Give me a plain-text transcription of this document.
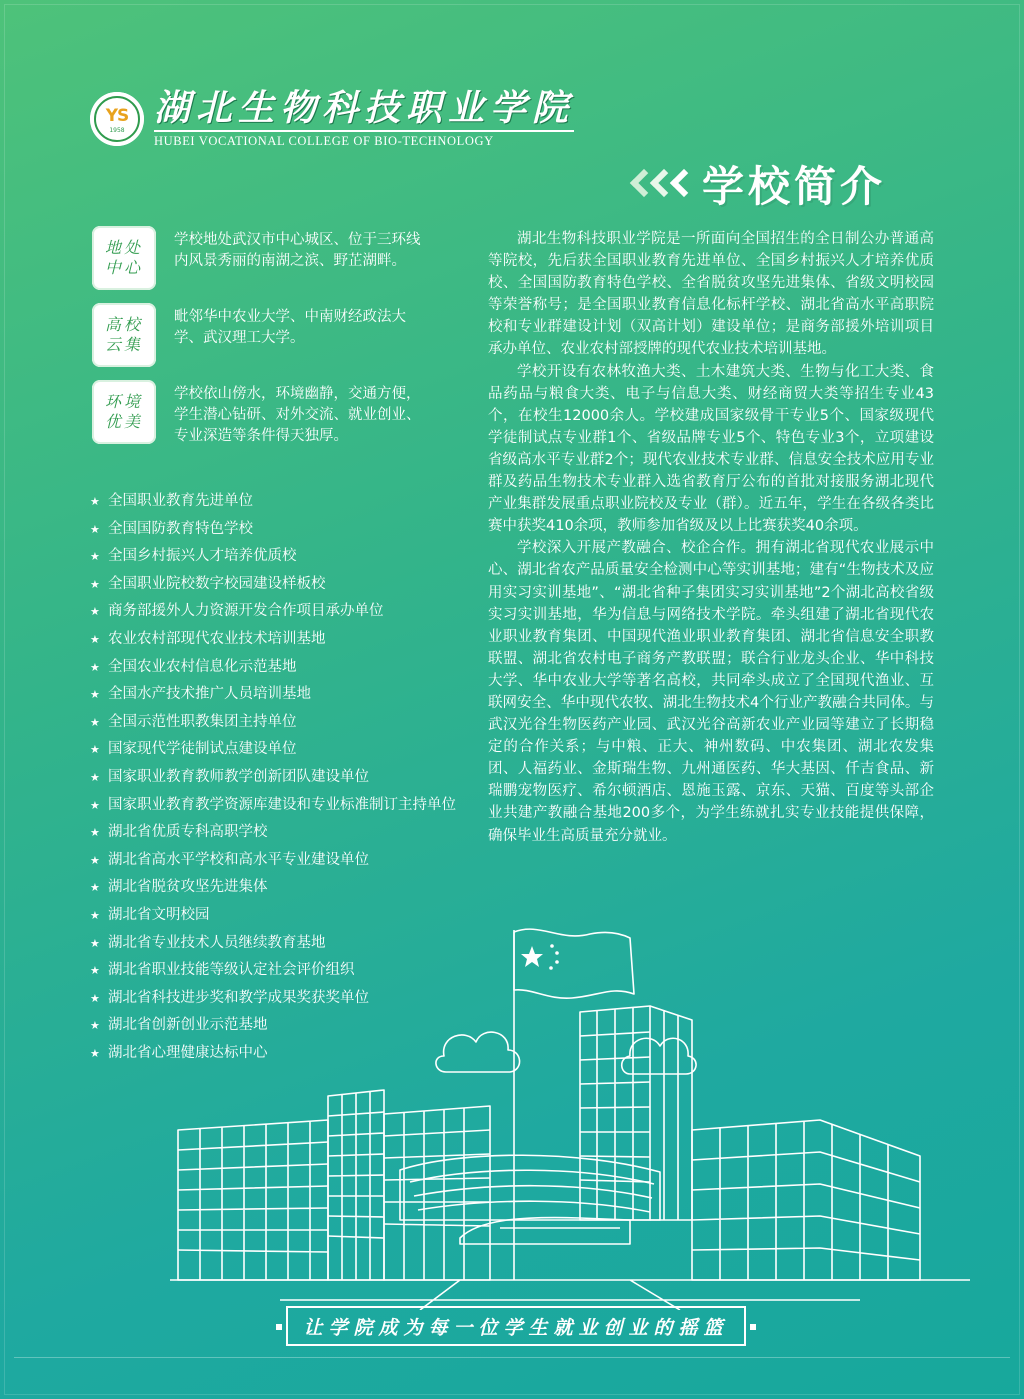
YS
1958
湖北生物科技职业学院
HUBEI VOCATIONAL COLLEGE OF BIO-TECHNOLOGY
学校简介
地处
中心
学校地处武汉市中心城区、位于三环线内风景秀丽的南湖之滨、野芷湖畔。
高校
云集
毗邻华中农业大学、中南财经政法大学、武汉理工大学。
环境
优美
学校依山傍水，环境幽静，交通方便，学生潜心钻研、对外交流、就业创业、专业深造等条件得天独厚。
★ 全国职业教育先进单位
★ 全国国防教育特色学校
★ 全国乡村振兴人才培养优质校
★ 全国职业院校数字校园建设样板校
★ 商务部援外人力资源开发合作项目承办单位
★ 农业农村部现代农业技术培训基地
★ 全国农业农村信息化示范基地
★ 全国水产技术推广人员培训基地
★ 全国示范性职教集团主持单位
★ 国家现代学徒制试点建设单位
★ 国家职业教育教师教学创新团队建设单位
★ 国家职业教育教学资源库建设和专业标准制订主持单位
★ 湖北省优质专科高职学校
★ 湖北省高水平学校和高水平专业建设单位
★ 湖北省脱贫攻坚先进集体
★ 湖北省文明校园
★ 湖北省专业技术人员继续教育基地
★ 湖北省职业技能等级认定社会评价组织
★ 湖北省科技进步奖和教学成果奖获奖单位
★ 湖北省创新创业示范基地
★ 湖北省心理健康达标中心

湖北生物科技职业学院是一所面向全国招生的全日制公办普通高等院校，先后获全国职业教育先进单位、全国乡村振兴人才培养优质校、全国国防教育特色学校、全省脱贫攻坚先进集体、省级文明校园等荣誉称号；是全国职业教育信息化标杆学校、湖北省高水平高职院校和专业群建设计划（双高计划）建设单位；是商务部援外培训项目承办单位、农业农村部授牌的现代农业技术培训基地。

学校开设有农林牧渔大类、土木建筑大类、生物与化工大类、食品药品与粮食大类、电子与信息大类、财经商贸大类等招生专业43个，在校生12000余人。学校建成国家级骨干专业5个、国家级现代学徒制试点专业群1个、省级品牌专业5个、特色专业3个，立项建设省级高水平专业群2个；现代农业技术专业群、信息安全技术应用专业群及药品生物技术专业群入选省教育厅公布的首批对接服务湖北现代产业集群发展重点职业院校及专业（群）。近五年，学生在各级各类比赛中获奖410余项，教师参加省级及以上比赛获奖40余项。

学校深入开展产教融合、校企合作。拥有湖北省现代农业展示中心、湖北省农产品质量安全检测中心等实训基地；建有“生物技术及应用实习实训基地”、“湖北省种子集团实习实训基地”2个湖北高校省级实习实训基地，华为信息与网络技术学院。牵头组建了湖北省现代农业职业教育集团、中国现代渔业职业教育集团、湖北省信息安全职教联盟、湖北省农村电子商务产教联盟；联合行业龙头企业、华中科技大学、华中农业大学等著名高校，共同牵头成立了全国现代渔业、互联网安全、华中现代农牧、湖北生物技术4个行业产教融合共同体。与武汉光谷生物医药产业园、武汉光谷高新农业产业园等建立了长期稳定的合作关系；与中粮、正大、神州数码、中农集团、湖北农发集团、人福药业、金斯瑞生物、九州通医药、华大基因、仟吉食品、新瑞鹏宠物医疗、希尔顿酒店、恩施玉露、京东、天猫、百度等头部企业共建产教融合基地200多个，为学生练就扎实专业技能提供保障，确保毕业生高质量充分就业。

让学院成为每一位学生就业创业的摇篮
